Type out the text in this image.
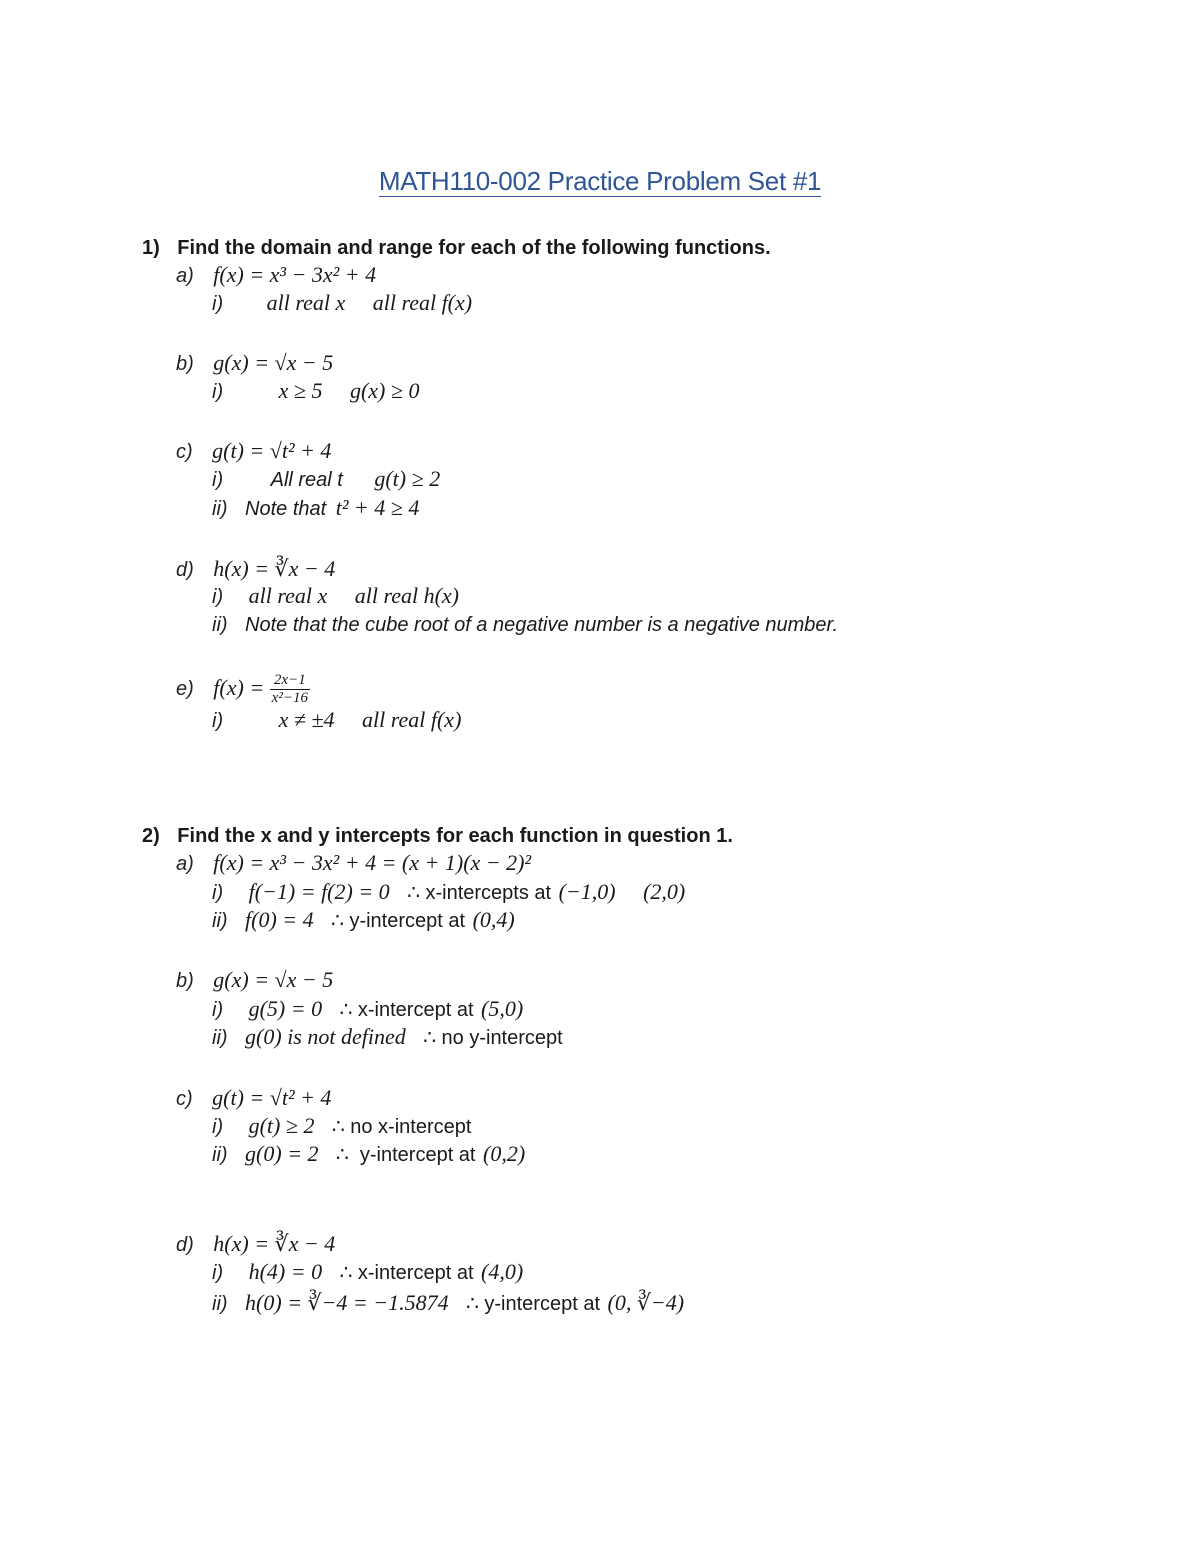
MATH110-002 Practice Problem Set #1
1) Find the domain and range for each of the following functions.
a) f(x) = x³ − 3x² + 4
i) all real x     all real f(x)
b) g(x) = √x − 5
i)	x ≥ 5     g(x) ≥ 0
c) g(t) = √t² + 4
i) All real t g(t) ≥ 2
ii) Note that t² + 4 ≥ 4
d) h(x) = ∛x − 4
i) all real x     all real h(x)
ii) Note that the cube root of a negative number is a negative number.
e) $f(x) = \frac{2x-1}{\text{x²−16}}$
i)	x ≠ ±4     all real f(x)
2) Find the x and y intercepts for each function in question 1.
a) f(x) = x³ − 3x² + 4 = (x + 1)(x − 2)²
i) f(−1) = f(2) = 0 ∴ x-intercepts at (−1,0)     (2,0)
ii) f(0) = 4 ∴ y-intercept at (0,4)
b) g(x) = √x − 5
i) g(5) = 0 ∴ x-intercept at (5,0)
ii) g(0) is not defined ∴ no y-intercept
c) g(t) = √t² + 4
i) g(t) ≥ 2 ∴ no x-intercept
ii) g(0) = 2 ∴  y-intercept at (0,2)
d) h(x) = ∛x − 4
i) h(4) = 0 ∴ x-intercept at (4,0)
ii) h(0) = ∛−4 = −1.5874 ∴ y-intercept at (0, ∛−4)
